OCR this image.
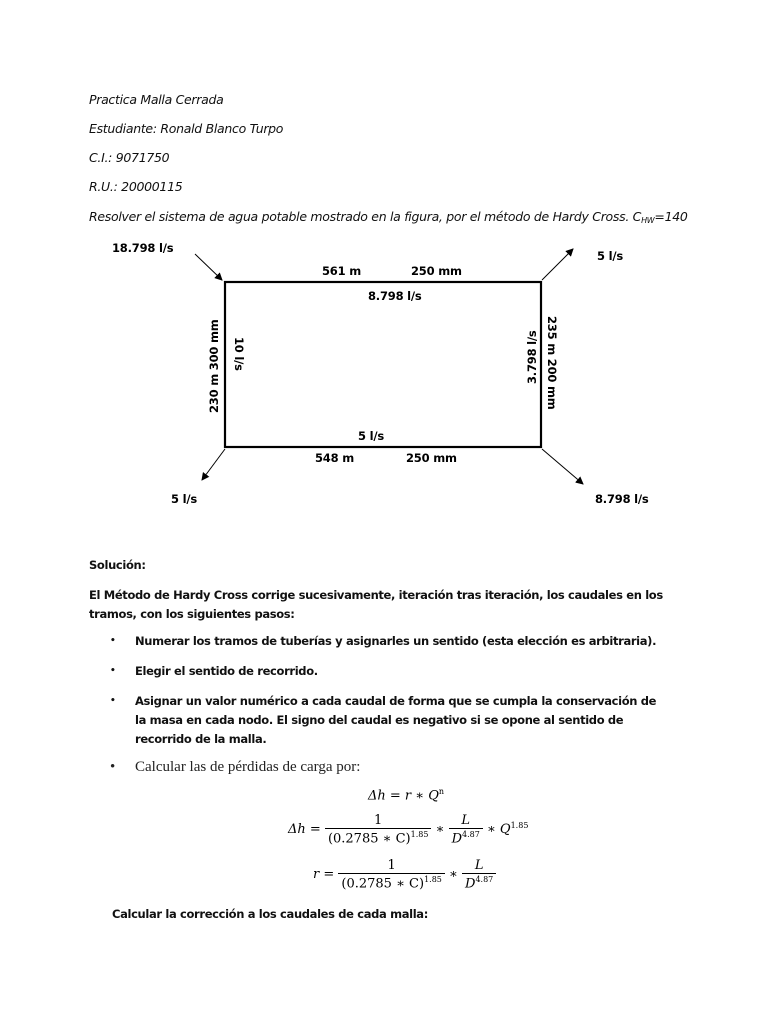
Practica Malla Cerrada
Estudiante: Ronald Blanco Turpo
C.I.: 9071750
R.U.: 20000115
Resolver el sistema de agua potable mostrado en la figura, por el método de Hardy Cross. $C_{HW}=140$
18.798 l/s
5 l/s
5 l/s	8.798 l/s
561 m	250 mm
8.798 l/s
230 m 300 mm 10 l/s	235 m 200 mm
3.798 l/s
5 l/s
548 m	250 mm
Solución:
El Método de Hardy Cross corrige sucesivamente, iteración tras iteración, los caudales en los tramos, con los siguientes pasos:
• Numerar los tramos de tuberías y asignarles un sentido (esta elección es arbitraria).
• Elegir el sentido de recorrido.
• Asignar un valor numérico a cada caudal de forma que se cumpla la conservación de la masa en cada nodo. El signo del caudal es negativo si se opone al sentido de recorrido de la malla.
• Calcular las de pérdidas de carga por:
Δh = r ∗ $Q^n$
$\Delta h = \frac{1}{(0.2785 ∗ C)^{1.85}}$ ∗ $\frac{L}{D^{4.87}}$ ∗ $Q^{1.85}$
$r = \frac{1}{(0.2785 ∗ C)^{1.85}}$ ∗ $\frac{L}{D^{4.87}}$
Calcular la corrección a los caudales de cada malla:
